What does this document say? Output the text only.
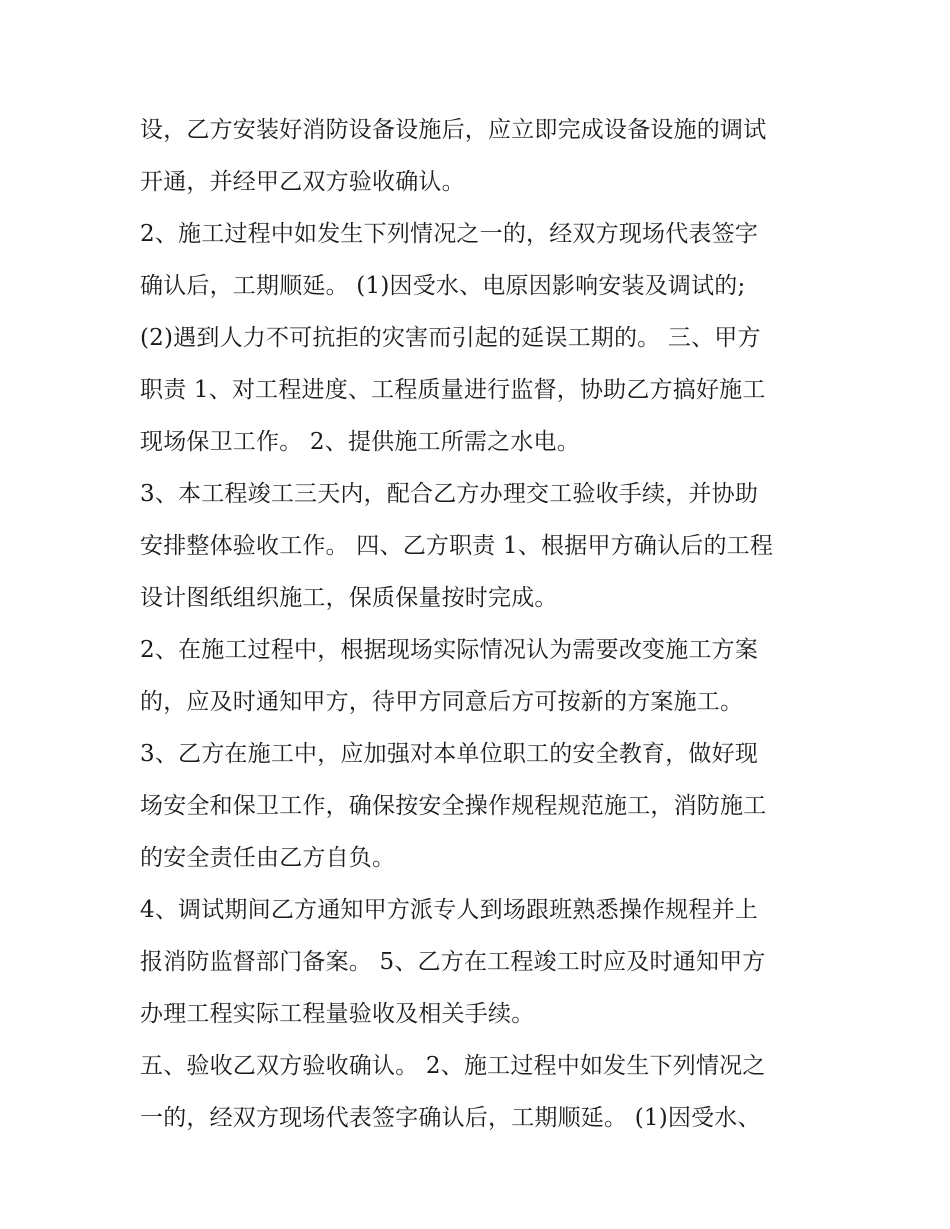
设，乙方安装好消防设备设施后，应立即完成设备设施的调试
开通，并经甲乙双方验收确认。
2、施工过程中如发生下列情况之一的，经双方现场代表签字
确认后，工期顺延。 (1)因受水、电原因影响安装及调试的;
(2)遇到人力不可抗拒的灾害而引起的延误工期的。 三、甲方
职责 1、对工程进度、工程质量进行监督，协助乙方搞好施工
现场保卫工作。 2、提供施工所需之水电。
3、本工程竣工三天内，配合乙方办理交工验收手续，并协助
安排整体验收工作。 四、乙方职责 1、根据甲方确认后的工程
设计图纸组织施工，保质保量按时完成。
2、在施工过程中，根据现场实际情况认为需要改变施工方案
的，应及时通知甲方，待甲方同意后方可按新的方案施工。
3、乙方在施工中，应加强对本单位职工的安全教育，做好现
场安全和保卫工作，确保按安全操作规程规范施工，消防施工
的安全责任由乙方自负。
4、调试期间乙方通知甲方派专人到场跟班熟悉操作规程并上
报消防监督部门备案。 5、乙方在工程竣工时应及时通知甲方
办理工程实际工程量验收及相关手续。
五、验收乙双方验收确认。 2、施工过程中如发生下列情况之
一的，经双方现场代表签字确认后，工期顺延。 (1)因受水、
